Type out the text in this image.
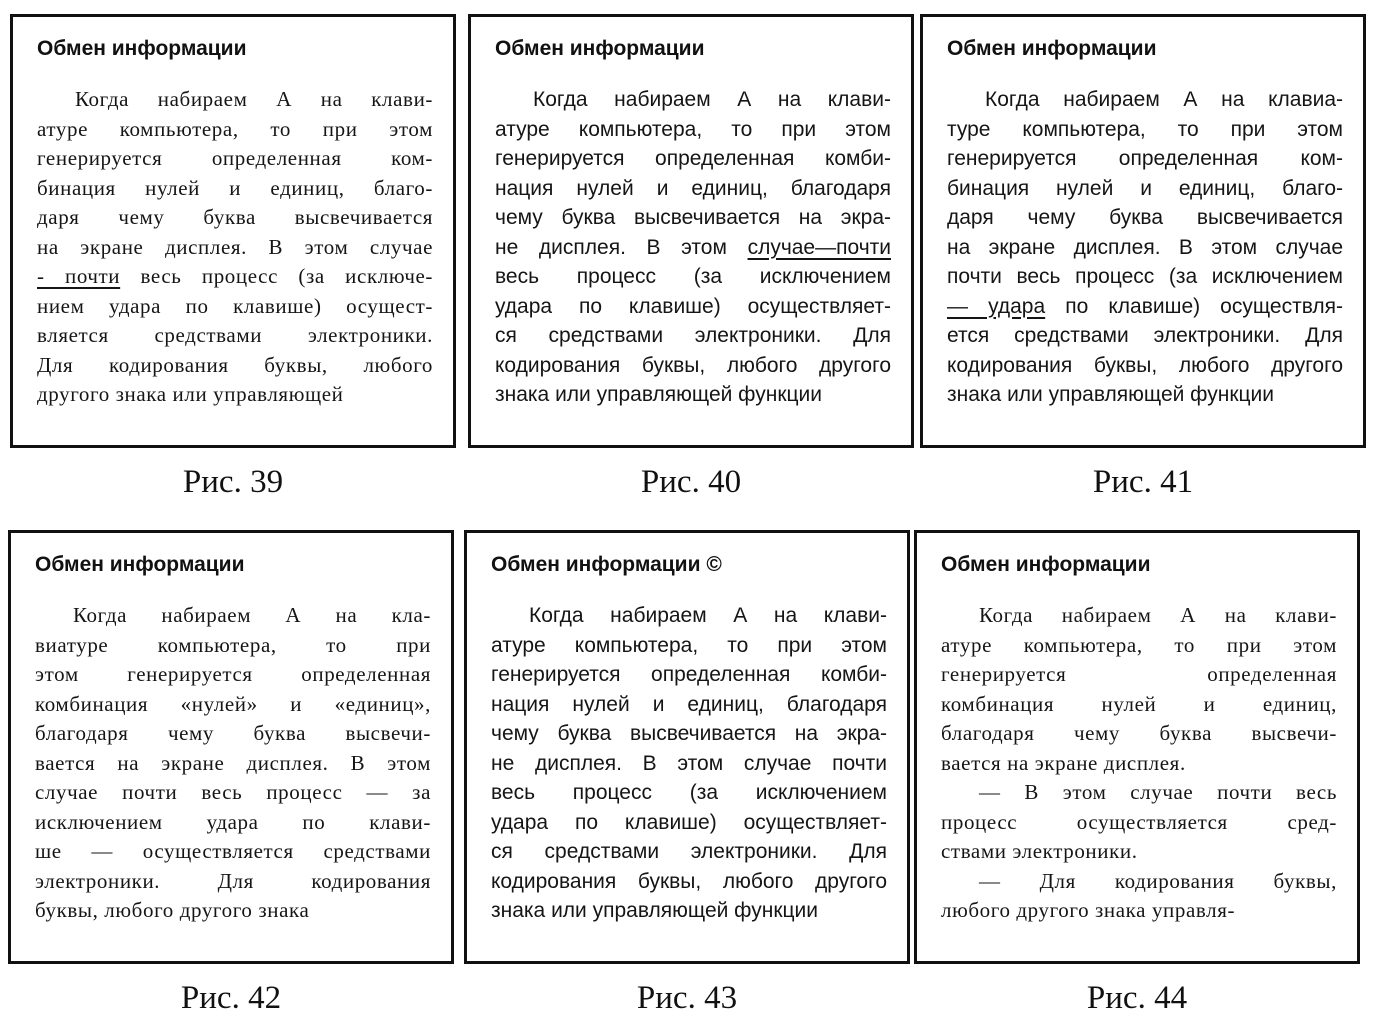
Обмен информации
Когда набираем А на клави-
атуре компьютера, то при этом
генерируется определенная ком-
бинация нулей и единиц, благо-
даря чему буква высвечивается
на экране дисплея. В этом случае
- почти весь процесс (за исключе-
нием удара по клавише) осущест-
вляется средствами электроники.
Для кодирования буквы, любого
другого знака или управляющей
Рис. 39
Обмен информации
Когда набираем А на клави-
атуре компьютера, то при этом
генерируется определенная комби-
нация нулей и единиц, благодаря
чему буква высвечивается на экра-
не дисплея. В этом случае—почти
весь процесс (за исключением
удара по клавише) осуществляет-
ся средствами электроники. Для
кодирования буквы, любого другого
знака или управляющей функции
Рис. 40
Обмен информации
Когда набираем А на клавиа-
туре компьютера, то при этом
генерируется определенная ком-
бинация нулей и единиц, благо-
даря чему буква высвечивается
на экране дисплея. В этом случае
почти весь процесс (за исключением
— удара по клавише) осуществля-
ется средствами электроники. Для
кодирования буквы, любого другого
знака или управляющей функции
Рис. 41
Обмен информации
Когда набираем А на кла-
виатуре компьютера, то при
этом генерируется определенная
комбинация «нулей» и «единиц»,
благодаря чему буква высвечи-
вается на экране дисплея. В этом
случае почти весь процесс — за
исключением удара по клави-
ше — осуществляется средствами
электроники. Для кодирования
буквы, любого другого знака
Рис. 42
Обмен информации ©
Когда набираем А на клави-
атуре компьютера, то при этом
генерируется определенная комби-
нация нулей и единиц, благодаря
чему буква высвечивается на экра-
не дисплея. В этом случае почти
весь процесс (за исключением
удара по клавише) осуществляет-
ся средствами электроники. Для
кодирования буквы, любого другого
знака или управляющей функции
Рис. 43
Обмен информации
Когда набираем А на клави-
атуре компьютера, то при этом
генерируется определенная
комбинация нулей и единиц,
благодаря чему буква высвечи-
вается на экране дисплея.
— В этом случае почти весь
процесс осуществляется сред-
ствами электроники.
— Для кодирования буквы,
любого другого знака управля-
Рис. 44
